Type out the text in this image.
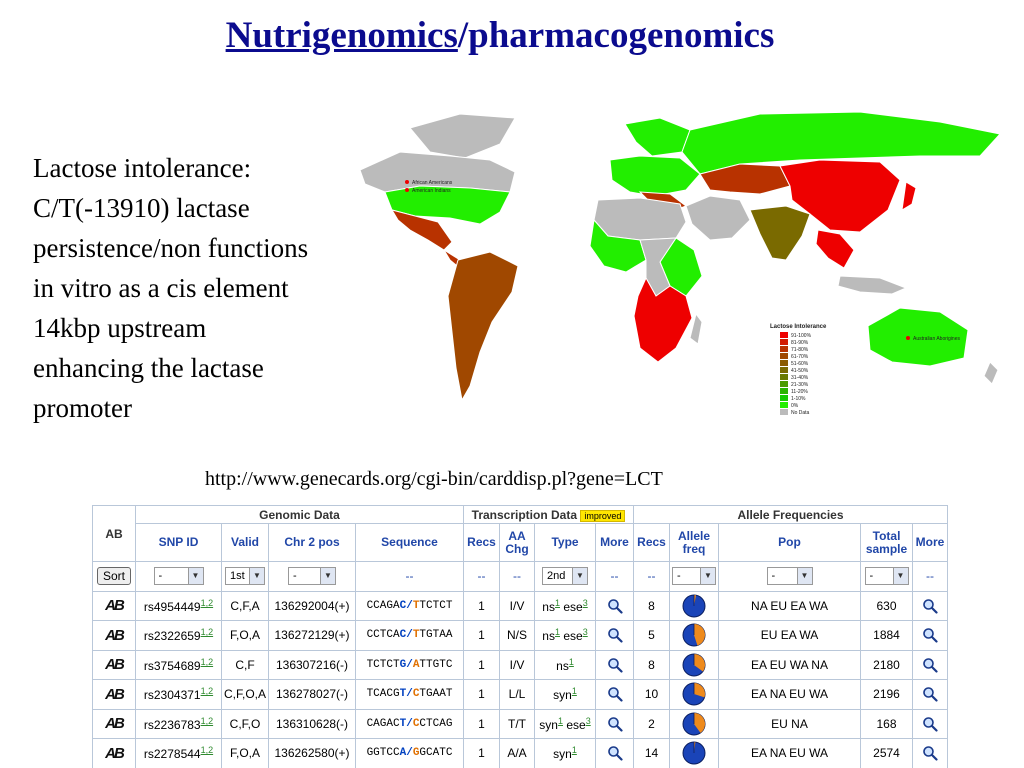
Nutrigenomics/pharmacogenomics
Lactose intolerance:
C/T(-13910) lactase
persistence/non functions
in vitro as a cis element
14kbp upstream
enhancing the lactase
promoter
African Americans
American Indians
Australian Aborigines
Lactose Intolerance
91-100%
81-90%
71-80%
61-70%
51-60%
41-50%
31-40%
21-30%
11-20%
1-10%
0%
No Data
http://www.genecards.org/cgi-bin/carddisp.pl?gene=LCT
AB	Genomic Data				Transcription Data improved				Allele Frequencies				
	SNP ID	Valid	Chr 2 pos	Sequence	Recs	AA Chg	Type	More	Recs	Allele freq	Pop	Total sample	More
Sort	- ▼	1st ▼	- ▼	--	--	--	2nd ▼	--	--	- ▼	- ▼	- ▼	--
AB	rs4954449$^{1,2}$	C,F,A	136292004(+)	CCAGAC/TTCTCT	1	I/V	$ns^1$ ese$^3$		8		NA EU EA WA	630	

AB	rs2322659$^{1,2}$	F,O,A	136272129(+)	CCTCAC/TTGTAA	1	N/S	$ns^1$ ese$^3$		5		EU EA WA	1884	

AB	rs3754689$^{1,2}$	C,F	136307216(-)	TCTCTG/ATTGTC	1	I/V	$ns^1$		8		EA EU WA NA	2180	

AB	rs2304371$^{1,2}$	C,F,O,A	136278027(-)	TCACGT/CTGAAT	1	L/L	syn$^1$		10		EA NA EU WA	2196	

AB	rs2236783$^{1,2}$	C,F,O	136310628(-)	CAGACT/CCTCAG	1	T/T	syn$^1$ ese$^3$		2		EU NA	168	

AB	rs2278544$^{1,2}$	F,O,A	136262580(+)	GGTCCA/GGCATC	1	A/A	syn$^1$		14		EA NA EU WA	2574	
